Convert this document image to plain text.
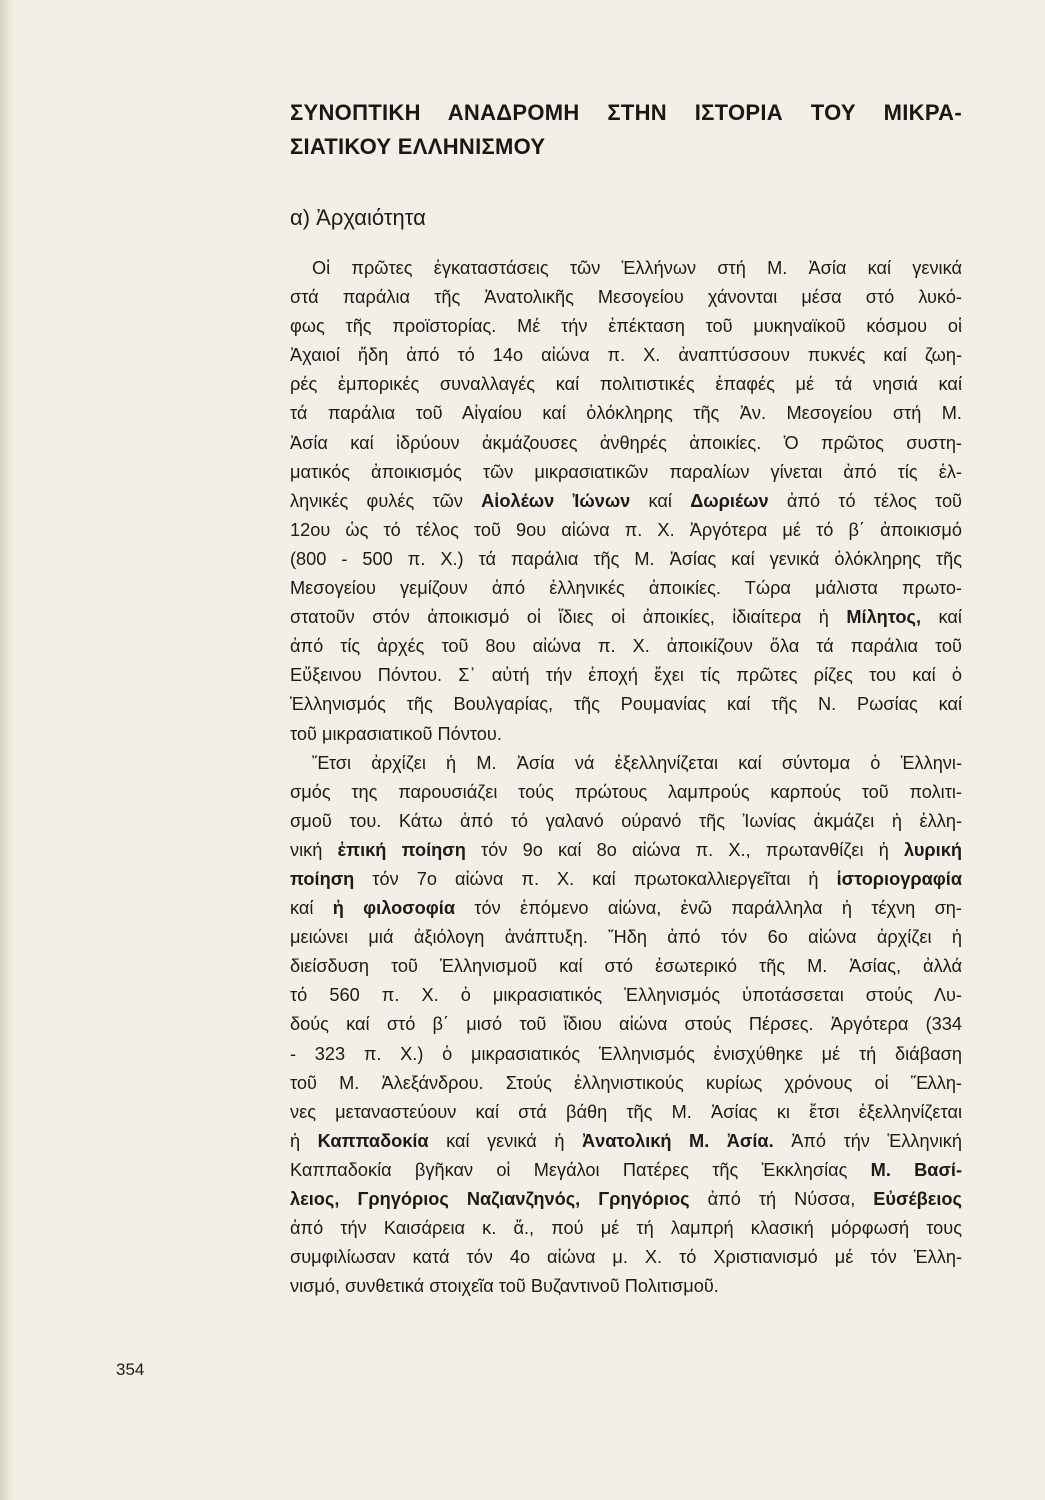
ΣΥΝΟΠΤΙΚΗ ΑΝΑΔΡΟΜΗ ΣΤΗΝ ΙΣΤΟΡΙΑ ΤΟΥ ΜΙΚΡΑ-
ΣΙΑΤΙΚΟΥ ΕΛΛΗΝΙΣΜΟΥ
α) Ἀρχαιότητα

Οἱ πρῶτες ἐγκαταστάσεις τῶν Ἑλλήνων στή Μ. Ἀσία καί γενικά
στά παράλια τῆς Ἀνατολικῆς Μεσογείου χάνονται μέσα στό λυκό-
φως τῆς προϊστορίας. Μέ τήν ἐπέκταση τοῦ μυκηναϊκοῦ κόσμου οἱ
Ἀχαιοί ἤδη ἀπό τό 14ο αἰώνα π. Χ. ἀναπτύσσουν πυκνές καί ζωη-
ρές ἐμπορικές συναλλαγές καί πολιτιστικές ἐπαφές μέ τά νησιά καί
τά παράλια τοῦ Αἰγαίου καί ὁλόκληρης τῆς Ἀν. Μεσογείου στή Μ.
Ἀσία καί ἱδρύουν ἀκμάζουσες ἀνθηρές ἀποικίες. Ὁ πρῶτος συστη-
ματικός ἀποικισμός τῶν μικρασιατικῶν παραλίων γίνεται ἀπό τίς ἑλ-
ληνικές φυλές τῶν Αἰολέων Ἰώνων καί Δωριέων ἀπό τό τέλος τοῦ
12ου ὡς τό τέλος τοῦ 9ου αἰώνα π. Χ. Ἀργότερα μέ τό β΄ ἀποικισμό
(800 - 500 π. Χ.) τά παράλια τῆς Μ. Ἀσίας καί γενικά ὁλόκληρης τῆς
Μεσογείου γεμίζουν ἀπό ἑλληνικές ἀποικίες. Τώρα μάλιστα πρωτο-
στατοῦν στόν ἀποικισμό οἱ ἴδιες οἱ ἀποικίες, ἰδιαίτερα ἡ Μίλητος, καί
ἀπό τίς ἀρχές τοῦ 8ου αἰώνα π. Χ. ἀποικίζουν ὅλα τά παράλια τοῦ
Εὔξεινου Πόντου. Σ᾽ αὐτή τήν ἐποχή ἔχει τίς πρῶτες ρίζες του καί ὁ
Ἑλληνισμός τῆς Βουλγαρίας, τῆς Ρουμανίας καί τῆς Ν. Ρωσίας καί
τοῦ μικρασιατικοῦ Πόντου.

Ἔτσι ἀρχίζει ἡ Μ. Ἀσία νά ἐξελληνίζεται καί σύντομα ὁ Ἑλληνι-
σμός της παρουσιάζει τούς πρώτους λαμπρούς καρπούς τοῦ πολιτι-
σμοῦ του. Κάτω ἀπό τό γαλανό ούρανό τῆς Ἰωνίας ἀκμάζει ἡ ἑλλη-
νική ἐπική ποίηση τόν 9ο καί 8ο αἰώνα π. Χ., πρωτανθίζει ἡ λυρική
ποίηση τόν 7ο αἰώνα π. Χ. καί πρωτοκαλλιεργεῖται ἡ ἱστοριογραφία
καί ἡ φιλοσοφία τόν ἑπόμενο αἰώνα, ἐνῶ παράλληλα ἡ τέχνη ση-
μειώνει μιά ἀξιόλογη ἀνάπτυξη. Ἤδη ἀπό τόν 6ο αἰώνα ἀρχίζει ἡ
διείσδυση τοῦ Ἑλληνισμοῦ καί στό ἐσωτερικό τῆς Μ. Ἀσίας, ἀλλά
τό 560 π. Χ. ὁ μικρασιατικός Ἑλληνισμός ὑποτάσσεται στούς Λυ-
δούς καί στό β΄ μισό τοῦ ἴδιου αἰώνα στούς Πέρσες. Ἀργότερα (334
- 323 π. Χ.) ὁ μικρασιατικός Ἑλληνισμός ἐνισχύθηκε μέ τή διάβαση
τοῦ Μ. Ἀλεξάνδρου. Στούς ἑλληνιστικούς κυρίως χρόνους οἱ Ἕλλη-
νες μεταναστεύουν καί στά βάθη τῆς Μ. Ἀσίας κι ἔτσι ἐξελληνίζεται
ἡ Καππαδοκία καί γενικά ἡ Ἀνατολική Μ. Ἀσία. Ἀπό τήν Ἑλληνική
Καππαδοκία βγῆκαν οἱ Μεγάλοι Πατέρες τῆς Ἐκκλησίας Μ. Βασί-
λειος, Γρηγόριος Ναζιανζηνός, Γρηγόριος ἀπό τή Νύσσα, Εὐσέβειος
ἀπό τήν Καισάρεια κ. ἄ., πού μέ τή λαμπρή κλασική μόρφωσή τους
συμφιλίωσαν κατά τόν 4ο αἰώνα μ. Χ. τό Χριστιανισμό μέ τόν Ἑλλη-
νισμό, συνθετικά στοιχεῖα τοῦ Βυζαντινοῦ Πολιτισμοῦ.

354
